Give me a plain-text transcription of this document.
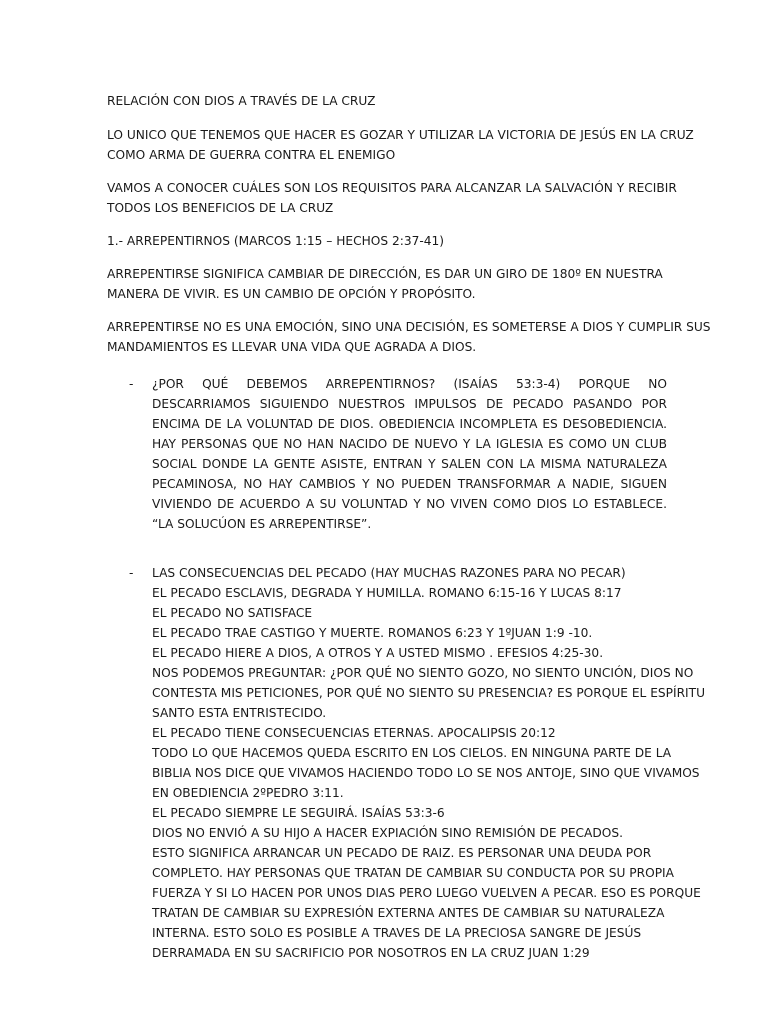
RELACIÓN CON DIOS A TRAVÉS DE LA CRUZ
LO UNICO QUE TENEMOS QUE HACER ES GOZAR Y UTILIZAR LA VICTORIA DE JESÚS EN LA CRUZ
COMO ARMA DE GUERRA CONTRA EL ENEMIGO
VAMOS A CONOCER CUÁLES SON LOS REQUISITOS PARA ALCANZAR LA SALVACIÓN Y RECIBIR
TODOS LOS BENEFICIOS DE LA CRUZ
1.- ARREPENTIRNOS (MARCOS 1:15 – HECHOS 2:37-41)
ARREPENTIRSE SIGNIFICA CAMBIAR DE DIRECCIÓN, ES DAR UN GIRO DE 180º EN NUESTRA
MANERA DE VIVIR. ES UN CAMBIO DE OPCIÓN Y PROPÓSITO.
ARREPENTIRSE NO ES UNA EMOCIÓN, SINO UNA DECISIÓN, ES SOMETERSE A DIOS Y CUMPLIR SUS
MANDAMIENTOS ES LLEVAR UNA VIDA QUE AGRADA A DIOS.
- ¿POR QUÉ DEBEMOS ARREPENTIRNOS? (ISAÍAS 53:3-4) PORQUE NO DESCARRIAMOS SIGUIENDO NUESTROS IMPULSOS DE PECADO PASANDO POR ENCIMA DE LA VOLUNTAD DE DIOS. OBEDIENCIA INCOMPLETA ES DESOBEDIENCIA. HAY PERSONAS QUE NO HAN NACIDO DE NUEVO Y LA IGLESIA ES COMO UN CLUB SOCIAL DONDE LA GENTE ASISTE, ENTRAN Y SALEN CON LA MISMA NATURALEZA PECAMINOSA, NO HAY CAMBIOS Y NO PUEDEN TRANSFORMAR A NADIE, SIGUEN VIVIENDO DE ACUERDO A SU VOLUNTAD Y NO VIVEN COMO DIOS LO ESTABLECE. “LA SOLUCÚON ES ARREPENTIRSE”.
- LAS CONSECUENCIAS DEL PECADO (HAY MUCHAS RAZONES PARA NO PECAR)
EL PECADO ESCLAVIS, DEGRADA Y HUMILLA. ROMANO 6:15-16 Y LUCAS 8:17
EL PECADO NO SATISFACE
EL PECADO TRAE CASTIGO Y MUERTE. ROMANOS 6:23 Y 1ºJUAN 1:9 -10.
EL PECADO HIERE A DIOS, A OTROS Y A USTED MISMO . EFESIOS 4:25-30.
NOS PODEMOS PREGUNTAR: ¿POR QUÉ NO SIENTO GOZO, NO SIENTO UNCIÓN, DIOS NO
CONTESTA MIS PETICIONES, POR QUÉ NO SIENTO SU PRESENCIA? ES PORQUE EL ESPÍRITU
SANTO ESTA ENTRISTECIDO.
EL PECADO TIENE CONSECUENCIAS ETERNAS. APOCALIPSIS 20:12
TODO LO QUE HACEMOS QUEDA ESCRITO EN LOS CIELOS. EN NINGUNA PARTE DE LA
BIBLIA NOS DICE QUE VIVAMOS HACIENDO TODO LO SE NOS ANTOJE, SINO QUE VIVAMOS
EN OBEDIENCIA 2ºPEDRO 3:11.
EL PECADO SIEMPRE LE SEGUIRÁ. ISAÍAS 53:3-6
DIOS NO ENVIÓ A SU HIJO A HACER EXPIACIÓN SINO REMISIÓN DE PECADOS.
ESTO SIGNIFICA ARRANCAR UN PECADO DE RAIZ. ES PERSONAR UNA DEUDA POR
COMPLETO. HAY PERSONAS QUE TRATAN DE CAMBIAR SU CONDUCTA POR SU PROPIA
FUERZA Y SI LO HACEN POR UNOS DIAS PERO LUEGO VUELVEN A PECAR. ESO ES PORQUE
TRATAN DE CAMBIAR SU EXPRESIÓN EXTERNA ANTES DE CAMBIAR SU NATURALEZA
INTERNA. ESTO SOLO ES POSIBLE A TRAVES DE LA PRECIOSA SANGRE DE JESÚS
DERRAMADA EN SU SACRIFICIO POR NOSOTROS EN LA CRUZ JUAN 1:29
